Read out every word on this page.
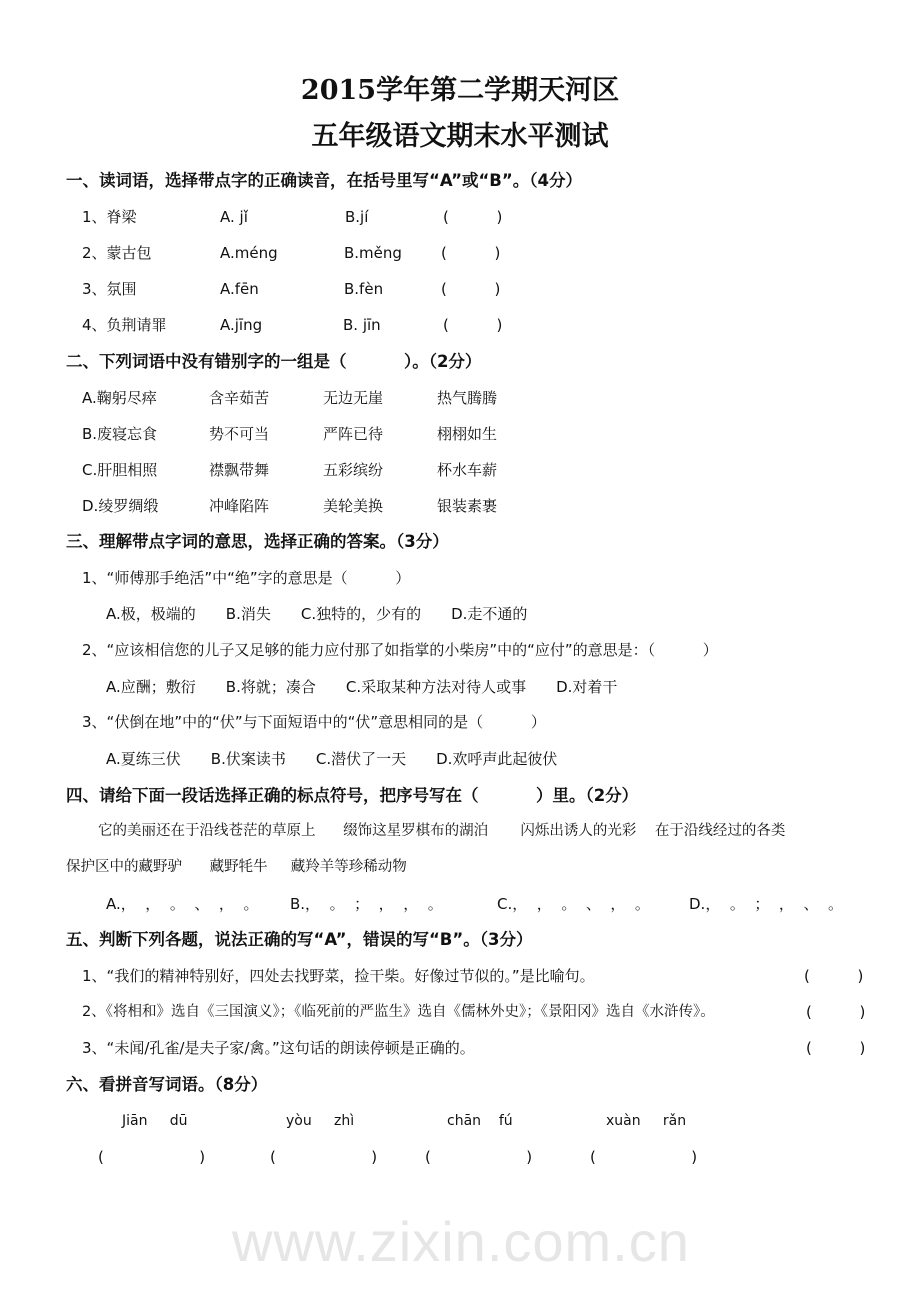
www.zixin.com.cn
2015学年第二学期天河区
五年级语文期末水平测试
一、读词语，选择带点字的正确读音，在括号里写“A”或“B”。（4分）
1、脊梁	A. jǐ	B.jí	(          )
2、蒙古包	A.méng	B.měng	(          )
3、氛围	A.fēn	B.fèn	(          )
4、负荆请罪	A.jīng	B. jīn	(          )
二、下列词语中没有错别字的一组是（          ）。（2分）
A.鞠躬尽瘁	含辛茹苦	无边无崖	热气腾腾
B.废寝忘食	势不可当	严阵已待	栩栩如生
C.肝胆相照	襟飘带舞	五彩缤纷	杯水车薪
D.绫罗绸缎	冲峰陷阵	美轮美换	银装素裹
三、理解带点字词的意思，选择正确的答案。（3分）
1、“师傅那手绝活”中“绝”字的意思是（          ）
A.极，极端的 B.消失 C.独特的，少有的 D.走不通的
2、“应该相信您的儿子又足够的能力应付那了如指掌的小柴房”中的“应付”的意思是：（          ）
A.应酬；敷衍 B.将就；凑合 C.采取某种方法对待人或事 D.对着干
3、“伏倒在地”中的“伏”与下面短语中的“伏”意思相同的是（          ）
A.夏练三伏 B.伏案读书 C.潜伏了一天 D.欢呼声此起彼伏
四、请给下面一段话选择正确的标点符号，把序号写在（          ）里。（2分）
它的美丽还在于沿线苍茫的草原上      缀饰这星罗棋布的湖泊       闪烁出诱人的光彩    在于沿线经过的各类
保护区中的藏野驴      藏野牦牛     藏羚羊等珍稀动物
A.，  ，  。  、  ，  。 B.，  。  ；  ，  ，  。	C.，  ，  。  、  ，  。	D.，  。  ；  ，  、  。
五、判断下列各题，说法正确的写“A”，错误的写“B”。（3分）
1、“我们的精神特别好，四处去找野菜，捡干柴。好像过节似的。”是比喻句。	(          )
2、《将相和》选自《三国演义》；《临死前的严监生》选自《儒林外史》；《景阳冈》选自《水浒传》。	(          )
3、“未闻/孔雀/是夫子家/禽。”这句话的朗读停顿是正确的。	(          )
六、看拼音写词语。（8分）
Jiān     dū	yòu     zhì	chān    fú	xuàn     rǎn
(                    )	(                    )	(                    )	(                    )
